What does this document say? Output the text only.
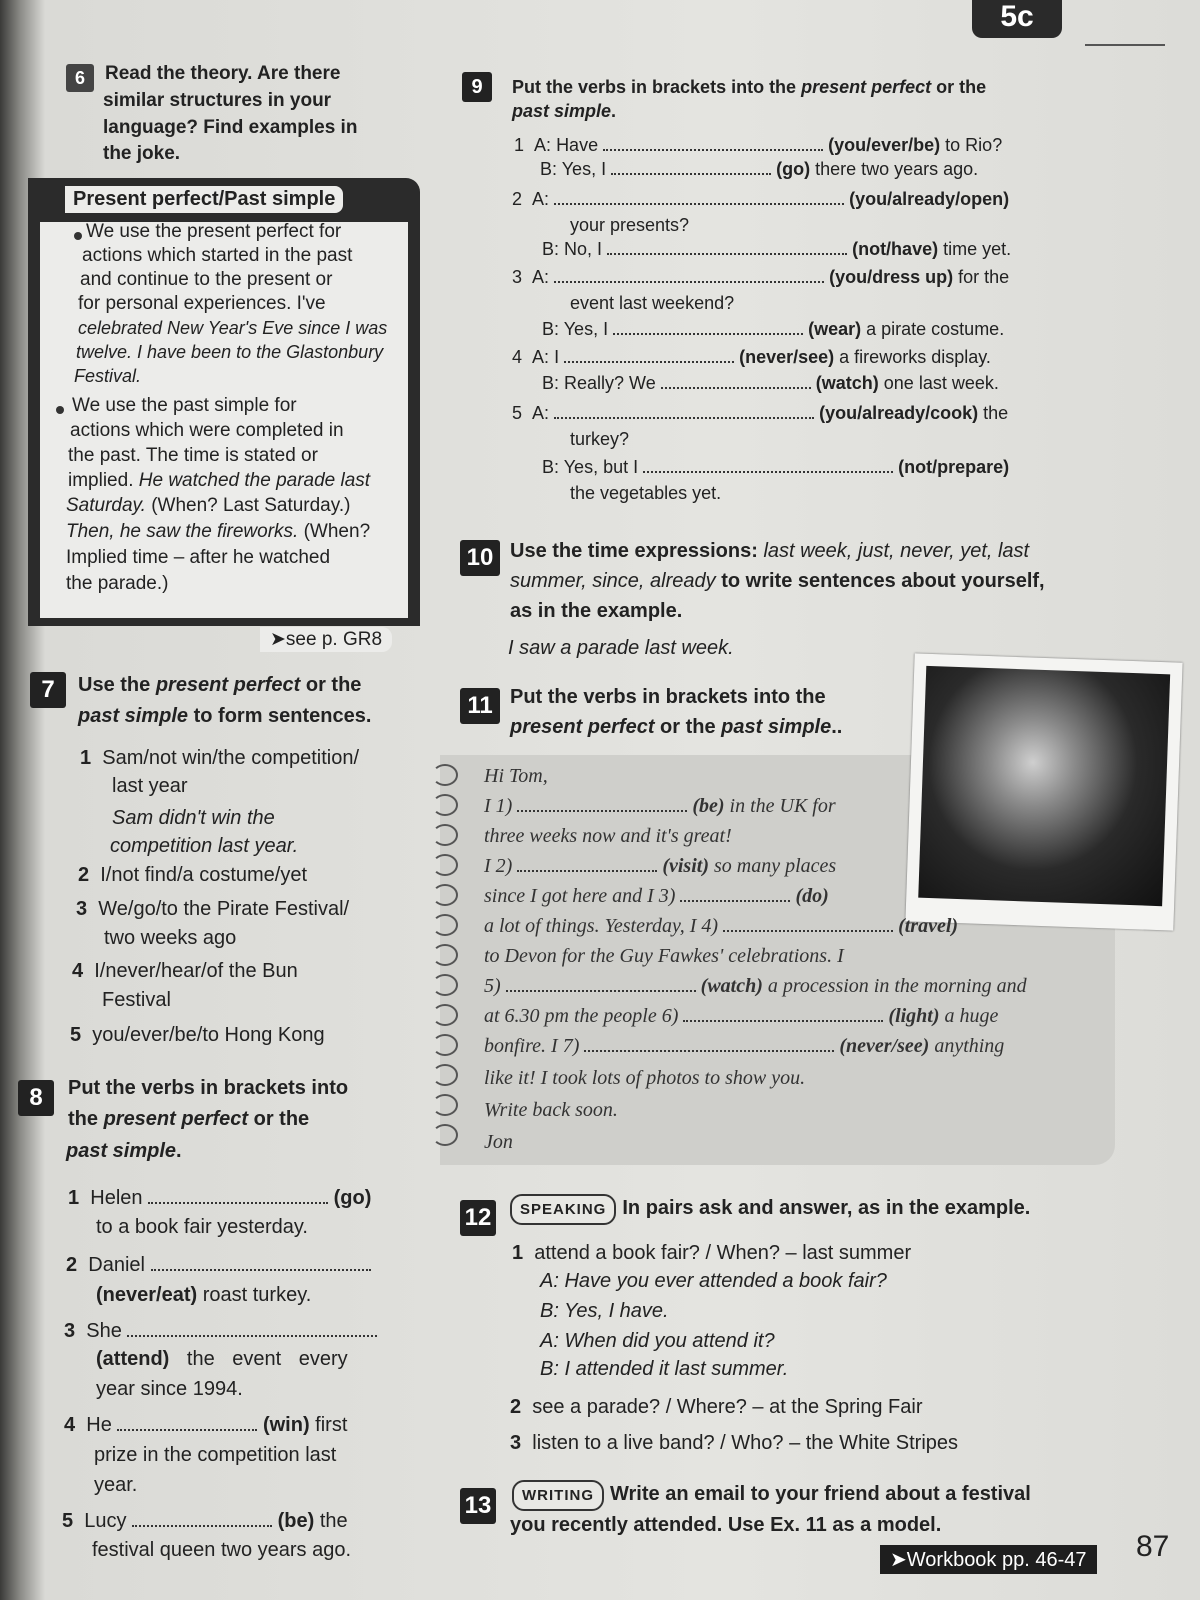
5c
6	Read the theory. Are there
similar structures in your
language? Find examples in
the joke.
Present perfect/Past simple
We use the present perfect for
actions which started in the past
and continue to the present or
for personal experiences. I've
celebrated New Year's Eve since I was
twelve. I have been to the Glastonbury
Festival.
We use the past simple for
actions which were completed in
the past. The time is stated or
implied. He watched the parade last
Saturday. (When? Last Saturday.)
Then, he saw the fireworks. (When?
Implied time – after he watched
the parade.)
➤see p. GR8
7	Use the present perfect or the
past simple to form sentences.
1 Sam/not win/the competition/
last year
Sam didn't win the
competition last year.
2 I/not find/a costume/yet
3 We/go/to the Pirate Festival/
two weeks ago
4 I/never/hear/of the Bun
Festival
5 you/ever/be/to Hong Kong
8	Put the verbs in brackets into
the present perfect or the
past simple.
1 Helen	(go)
to a book fair yesterday.
2 Daniel
(never/eat) roast turkey.
3 She
(attend) the event every
year since 1994.
4 He	(win) first
prize in the competition last
year.
5 Lucy	(be) the
festival queen two years ago.
9	Put the verbs in brackets into the present perfect or the
past simple.
1 A: Have	(you/ever/be) to Rio?
B: Yes, I	(go) there two years ago.
2 A:	(you/already/open)
your presents?
B: No, I	(not/have) time yet.
3 A:	(you/dress up) for the
event last weekend?
B: Yes, I	(wear) a pirate costume.
4 A: I	(never/see) a fireworks display.
B: Really? We	(watch) one last week.
5 A:	(you/already/cook) the
turkey?
B: Yes, but I	(not/prepare)
the vegetables yet.
10 Use the time expressions: last week, just, never, yet, last
summer, since, already to write sentences about yourself,
as in the example.
I saw a parade last week.
11 Put the verbs in brackets into the
present perfect or the past simple..
Hi Tom,
I 1)	(be) in the UK for
three weeks now and it's great!
I 2)	(visit) so many places
since I got here and I 3)	(do)
a lot of things. Yesterday, I 4)	(travel)
to Devon for the Guy Fawkes' celebrations. I
5)	(watch) a procession in the morning and
at 6.30 pm the people 6)	(light) a huge
bonfire. I 7)	(never/see) anything
like it! I took lots of photos to show you.
Write back soon.
Jon
12	SPEAKING In pairs ask and answer, as in the example.
1 attend a book fair? / When? – last summer
A: Have you ever attended a book fair?
B: Yes, I have.
A: When did you attend it?
B: I attended it last summer.
2 see a parade? / Where? – at the Spring Fair
3 listen to a live band? / Who? – the White Stripes
13	WRITING Write an email to your friend about a festival
you recently attended. Use Ex. 11 as a model.
➤Workbook pp. 46-47	87
